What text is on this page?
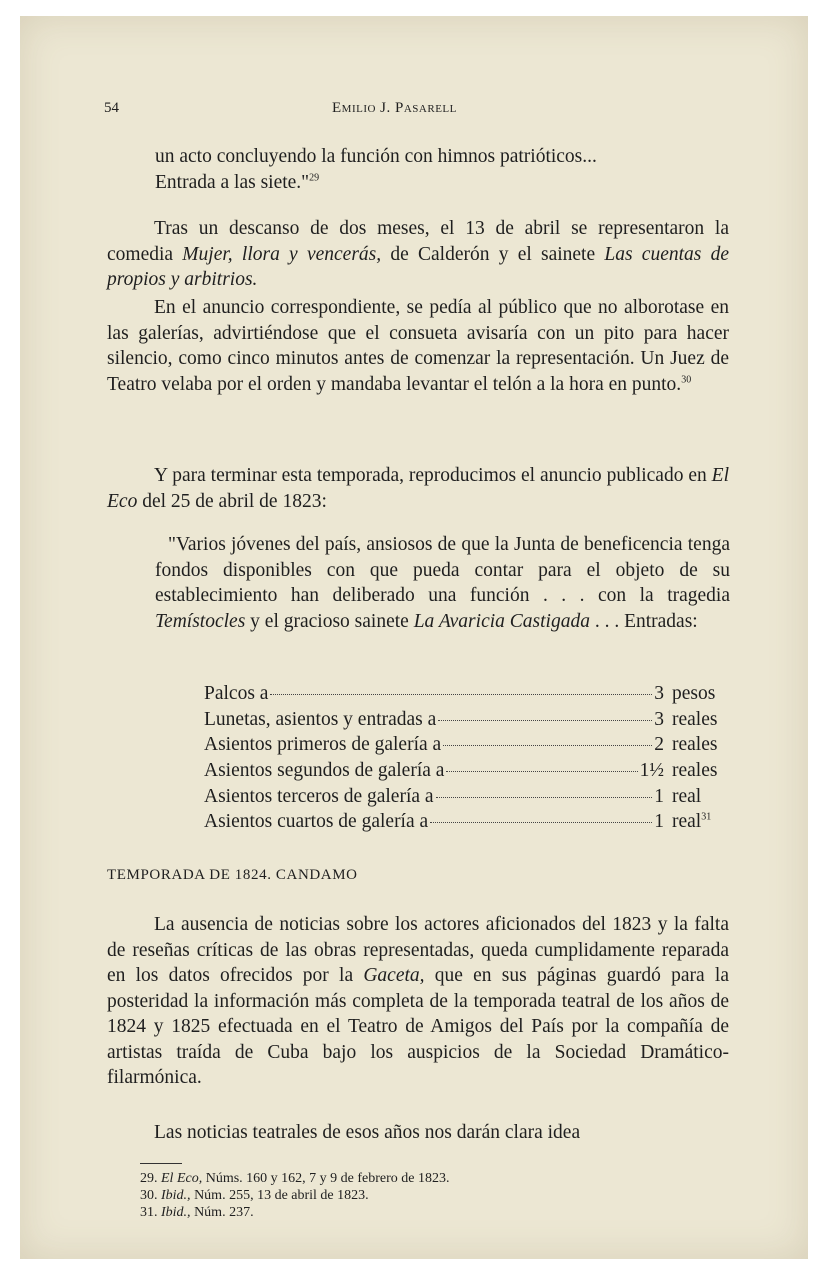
54	Emilio J. Pasarell

un acto concluyendo la función con himnos patrióticos...

Entrada a las siete."$^{29}$

Tras un descanso de dos meses, el 13 de abril se representaron la comedia Mujer, llora y vencerás, de Calderón y el sainete Las cuentas de propios y arbitrios.

En el anuncio correspondiente, se pedía al público que no alborotase en las galerías, advirtiéndose que el consueta avisaría con un pito para hacer silencio, como cinco minutos antes de comenzar la representación. Un Juez de Teatro velaba por el orden y mandaba levantar el telón a la hora en punto.$^{30}$

Y para terminar esta temporada, reproducimos el anuncio publicado en El Eco del 25 de abril de 1823:

"Varios jóvenes del país, ansiosos de que la Junta de beneficencia tenga fondos disponibles con que pueda contar para el objeto de su establecimiento han deliberado una función . . . con la tragedia Temístocles y el gracioso sainete La Avaricia Castigada . . . Entradas:

Palcos a	3 pesos
Lunetas, asientos y entradas a	3 reales
Asientos primeros de galería a	2 reales
Asientos segundos de galería a	1½ reales
Asientos terceros de galería a	1 real
Asientos cuartos de galería a	1 real$^{31}$
TEMPORADA DE 1824. CANDAMO

La ausencia de noticias sobre los actores aficionados del 1823 y la falta de reseñas críticas de las obras representadas, queda cumplidamente reparada en los datos ofrecidos por la Gaceta, que en sus páginas guardó para la posteridad la información más completa de la temporada teatral de los años de 1824 y 1825 efectuada en el Teatro de Amigos del País por la compañía de artistas traída de Cuba bajo los auspicios de la Sociedad Dramático-filarmónica.

Las noticias teatrales de esos años nos darán clara idea

29. El Eco, Núms. 160 y 162, 7 y 9 de febrero de 1823.
30. Ibid., Núm. 255, 13 de abril de 1823.
31. Ibid., Núm. 237.
